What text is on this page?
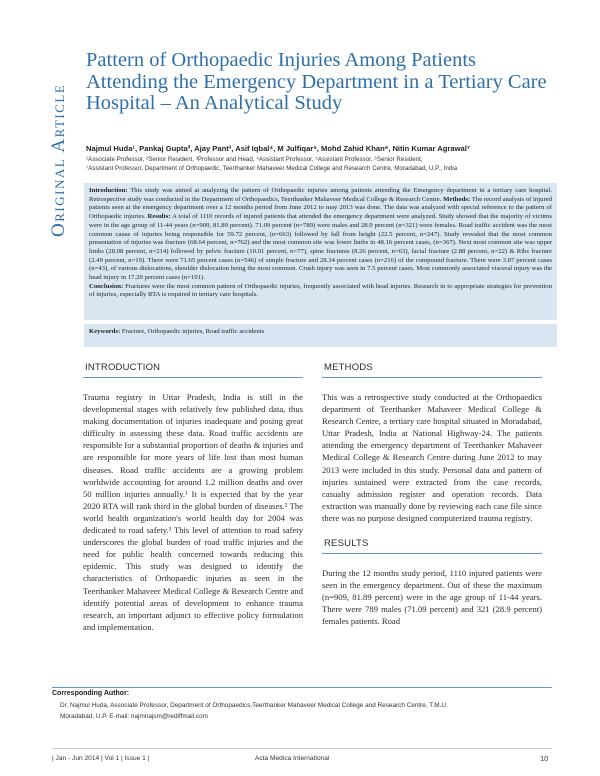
Original Article
Pattern of Orthopaedic Injuries Among Patients Attending the Emergency Department in a Tertiary Care Hospital – An Analytical Study
Najmul Huda¹, Pankaj Gupta², Ajay Pant³, Asif Iqbal⁴, M Julfiqar⁵, Mohd Zahid Khan⁶, Nitin Kumar Agrawal⁷
¹Associate Professor, ²Senior Resident, ³Professor and Head, ⁴Assistant Professor, ⁵Assistant Professor, ⁶Senior Resident,
⁷Assistant Professor, Department of Orthopaedic, Teerthanker Mahaveer Medical College and Research Centre, Moradabad, U.P., India

Introduction: This study was aimed at analyzing the pattern of Orthopaedic injuries among patients attending the Emergency department in a tertiary care hospital. Retrospective study was conducted in the Department of Orthopaedics, Teerthanker Mahaveer Medical College & Research Centre. Methods: The record analysis of injured patients seen at the emergency department over a 12 months period from June 2012 to may 2013 was done. The data was analyzed with special reference to the pattern of Orthopaedic injuries. Results: A total of 1110 records of injured patients that attended the emergency department were analyzed. Study showed that the majority of victims were in the age group of 11-44 years (n=909, 81.89 percent). 71.09 percent (n=789) were males and 28.9 percent (n=321) were females. Road traffic accident was the most common cause of injuries being responsible for 59.72 percent, (n=663) followed by fall from height (22.5 percent, n=247). Study revealed that the most common presentation of injuries was fracture (68.64 percent, n=762) and the most common site was lower limbs in 48.16 percent cases, (n=367). Next most common site was upper limbs (28.08 percent, n=214) followed by pelvic fracture (10.01 percent, n=77), spine fractures (8.26 percent, n=63), facial fracture (2.88 percent, n=22) & Ribs fracture (2.49 percent, n=19). There were 71.65 percent cases (n=546) of simple fracture and 28.34 percent cases (n=216) of the compound fracture. There were 3.87 percent cases (n=43), of various dislocations, shoulder dislocation being the most common. Crush injury was seen in 7.5 percent cases. Most commonly associated visceral injury was the head injury in 17.20 percent cases (n=191).

Conclusion: Fractures were the most common pattern of Orthopaedic injuries, frequently associated with head injuries. Research in to appropriate strategies for prevention of injuries, especially RTA is required in tertiary care hospitals.

Keywords: Fracture, Orthopaedic injuries, Road traffic accidents
INTRODUCTION

Trauma registry in Uttar Pradesh, India is still in the developmental stages with relatively few published data, thus making documentation of injuries inadequate and posing great difficulty in assessing these data. Road traffic accidents are responsible for a substantial proportion of deaths & injuries and are responsible for more years of life lost than most human diseases. Road traffic accidents are a growing problem worldwide accounting for around 1.2 million deaths and over 50 million injuries annually.¹ It is expected that by the year 2020 RTA will rank third in the global burden of diseases.² The world health organization's world health day for 2004 was dedicated to road safety.³ This level of attention to road safety underscores the global burden of road traffic injuries and the need for public health concerned towards reducing this epidemic. This study was designed to identify the characteristics of Orthopaedic injuries as seen in the Teerthanker Mahaveer Medical College & Research Centre and identify potential areas of development to enhance trauma research, an important adjunct to effective policy formulation and implementation.

METHODS

This was a retrospective study conducted at the Orthopaedics department of Teerthanker Mahaveer Medical College & Research Centre, a tertiary care hospital situated in Moradabad, Uttar Pradesh, India at National Highway-24. The patients attending the emergency department of Teerthanker Mahaveer Medical College & Research Centre during June 2012 to may 2013 were included in this study. Personal data and pattern of injuries sustained were extracted from the case records, casualty admission register and operation records. Data extraction was manually done by reviewing each case file since there was no purpose designed computerized trauma registry.

RESULTS

During the 12 months study period, 1110 injured patients were seen in the emergency department. Out of these the maximum (n=909, 81.89 percent) were in the age group of 11-44 years. There were 789 males (71.09 percent) and 321 (28.9 percent) females patients. Road

Corresponding Author:
Dr. Najmul Huda, Associate Professor, Department of Orthopaedics,Teerthanker Mahaveer Medical College and Research Centre, T.M.U.
Moradabad, U.P. E-mail: najmnajsm@rediffmail.com
| Jan - Jun 2014 | Vol 1 | Issue 1 |	Acta Medica International	10
